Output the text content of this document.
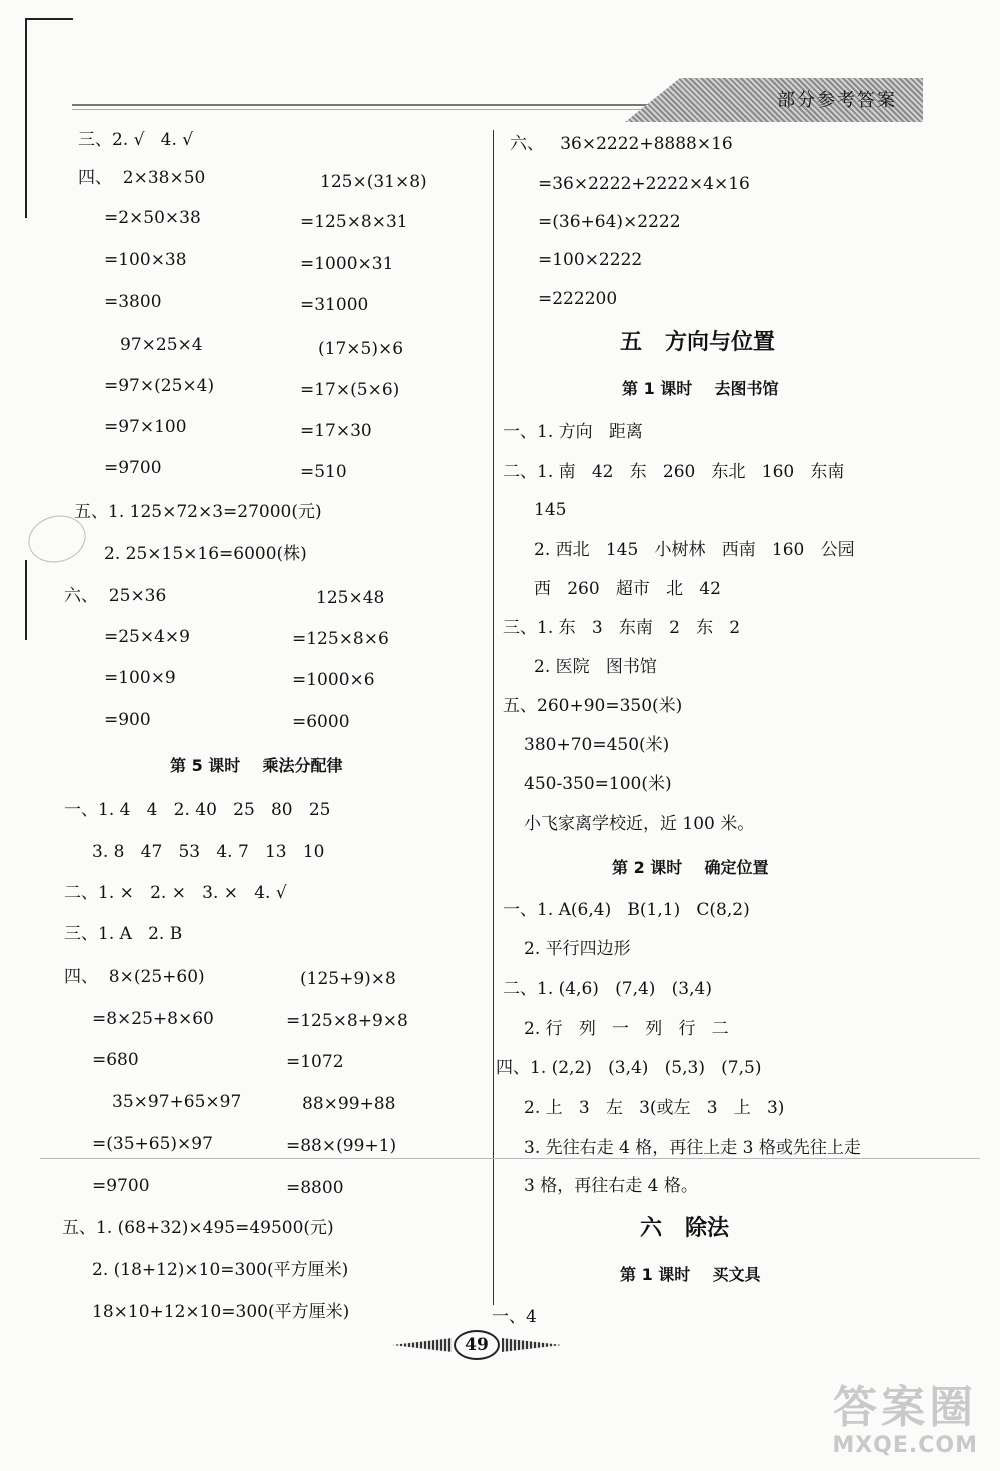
部分参考答案
三、2. √   4. √
四、  2×38×50
=2×50×38
=100×38
=3800
125×(31×8)
=125×8×31
=1000×31
=31000
97×25×4
=97×(25×4)
=97×100
=9700
(17×5)×6
=17×(5×6)
=17×30
=510
五、1. 125×72×3=27000(元)
2. 25×15×16=6000(株)
六、  25×36
=25×4×9
=100×9
=900
125×48
=125×8×6
=1000×6
=6000
第 5 课时    乘法分配律
一、1. 4   4   2. 40   25   80   25
3. 8   47   53   4. 7   13   10
二、1. ×   2. ×   3. ×   4. √
三、1. A   2. B
四、  8×(25+60)
=8×25+8×60
=680
(125+9)×8
=125×8+9×8
=1072
35×97+65×97
=(35+65)×97
=9700
88×99+88
=88×(99+1)
=8800
五、1. (68+32)×495=49500(元)
2. (18+12)×10=300(平方厘米)
18×10+12×10=300(平方厘米)
六、   36×2222+8888×16
=36×2222+2222×4×16
=(36+64)×2222
=100×2222
=222200
五   方向与位置
第 1 课时    去图书馆
一、1. 方向   距离
二、1. 南   42   东   260   东北   160   东南
145
2. 西北   145   小树林   西南   160   公园
西   260   超市   北   42
三、1. 东   3   东南   2   东   2
2. 医院   图书馆
五、260+90=350(米)
380+70=450(米)
450-350=100(米)
小飞家离学校近，近 100 米。
第 2 课时    确定位置
一、1. A(6,4)   B(1,1)   C(8,2)
2. 平行四边形
二、1. (4,6)   (7,4)   (3,4)
2. 行   列   一   列   行   二
四、1. (2,2)   (3,4)   (5,3)   (7,5)
2. 上   3   左   3(或左   3   上   3)
3. 先往右走 4 格，再往上走 3 格或先往上走
3 格，再往右走 4 格。
六   除法
第 1 课时    买文具
一、4
49
答案圈
MXQE.COM
